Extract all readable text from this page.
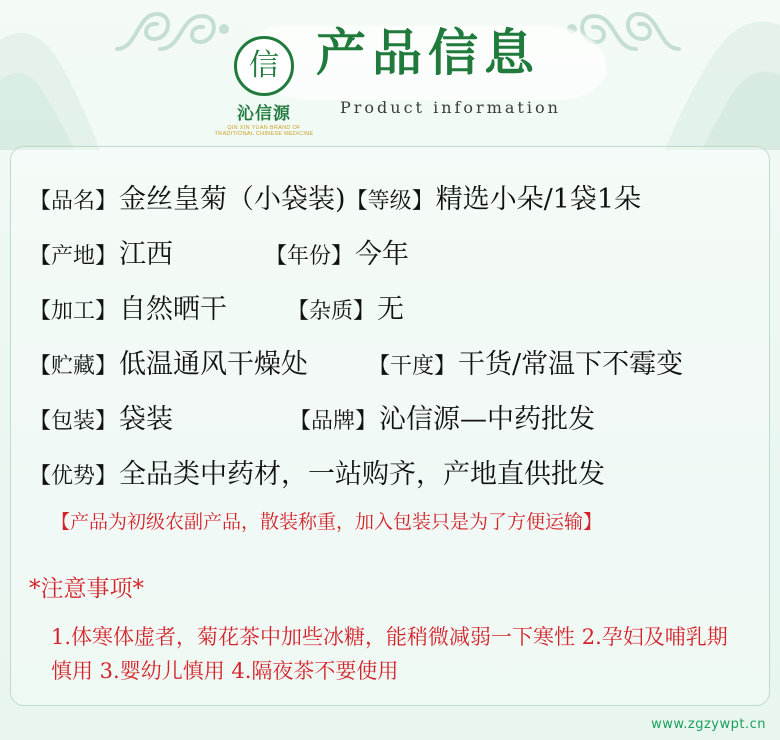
信
沁信源
QIN XIN YUAN BRAND OF TRADITIONAL CHINESE MEDICINE
产品信息
Product information
【品名】 金丝皇菊（小袋装) 【等级】 精选小朵/1袋1朵
【产地】 江西	【年份】 今年
【加工】 自然晒干	【杂质】 无
【贮藏】 低温通风干燥处	【干度】 干货/常温下不霉变
【包装】 袋装	【品牌】 沁信源—中药批发
【优势】 全品类中药材，一站购齐，产地直供批发
【产品为初级农副产品，散装称重，加入包装只是为了方便运输】
*注意事项*
1.体寒体虚者，菊花茶中加些冰糖，能稍微减弱一下寒性 2.孕妇及哺乳期慎用 3.婴幼儿慎用 4.隔夜茶不要使用
www.zgzywpt.cn
